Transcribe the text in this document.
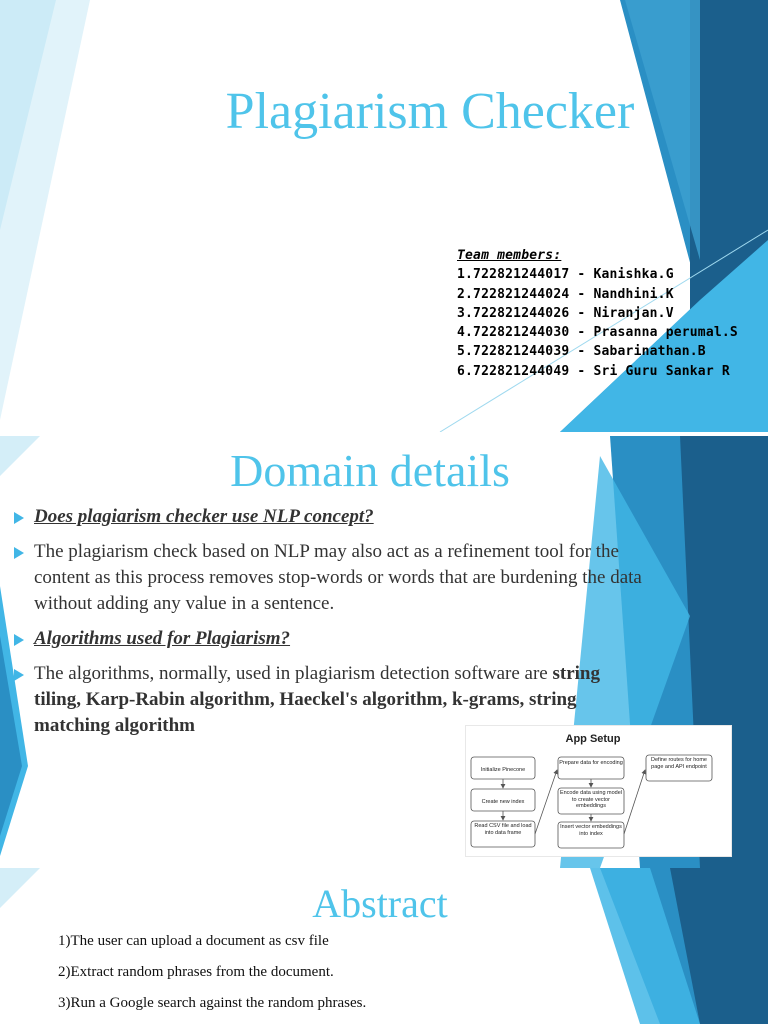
Plagiarism Checker
Team members:
1.722821244017 - Kanishka.G
2.722821244024 - Nandhini.K
3.722821244026 - Niranjan.V
4.722821244030 - Prasanna perumal.S
5.722821244039 - Sabarinathan.B
6.722821244049 - Sri Guru Sankar R
Domain details
Does plagiarism checker use NLP concept?
The plagiarism check based on NLP may also act as a refinement tool for the content as this process removes stop-words or words that are burdening the data without adding any value in a sentence.
Algorithms used for Plagiarism?
The algorithms, normally, used in plagiarism detection software are string tiling, Karp-Rabin algorithm, Haeckel's algorithm, k-grams, string matching algorithm
App Setup
Initialize Pinecone
Create new index
Read CSV file and load into data frame
Prepare data for encoding
Encode data using model to create vector embeddings
Insert vector embeddings into index
Define routes for home page and API endpoint
Abstract
1)The user can upload a document as csv file
2)Extract random phrases from the document.
3)Run a Google search against the random phrases.
